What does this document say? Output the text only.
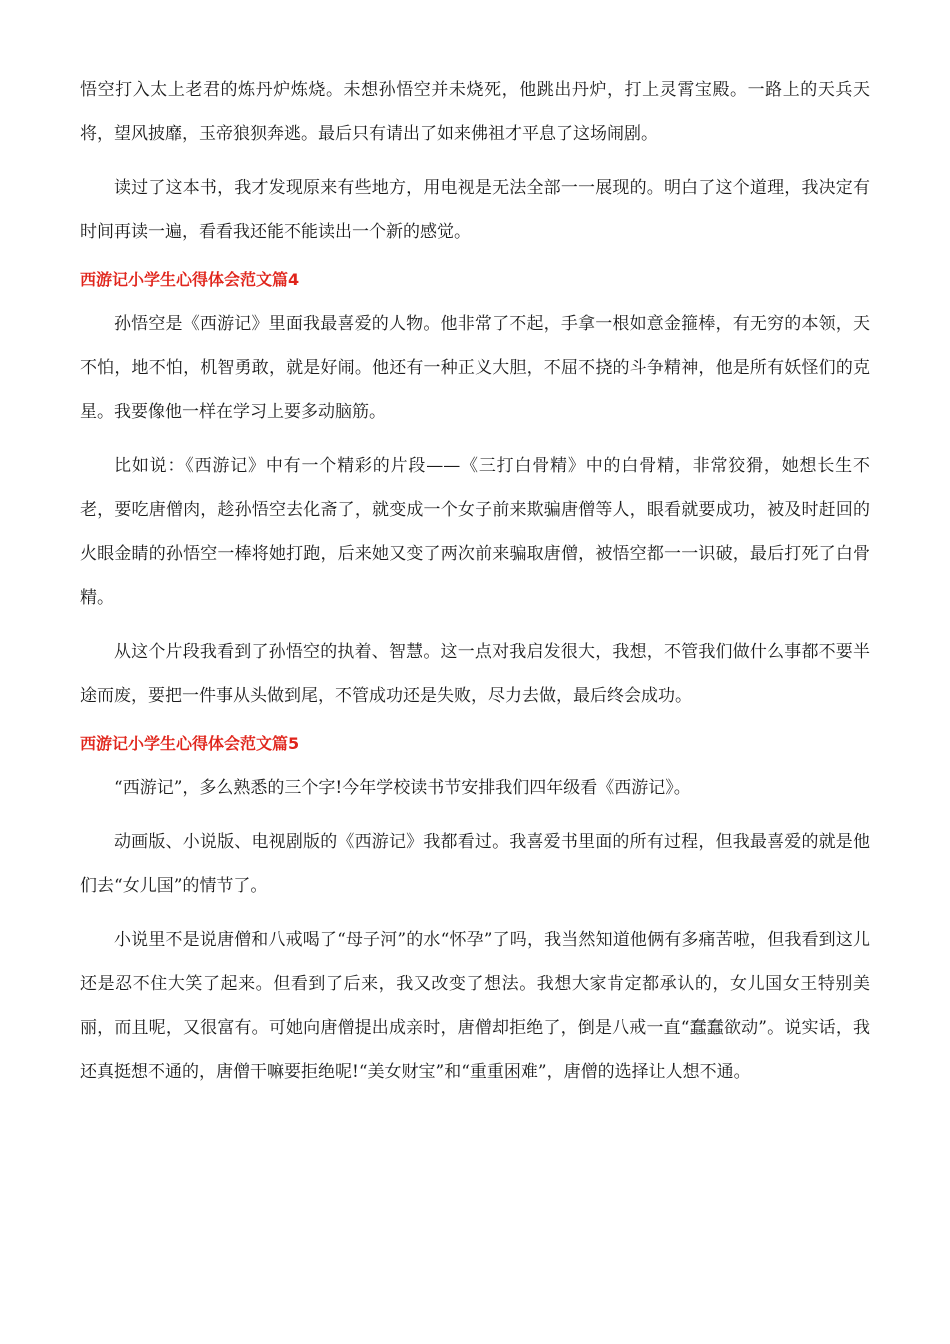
悟空打入太上老君的炼丹炉炼烧。未想孙悟空并未烧死，他跳出丹炉，打上灵霄宝殿。一路上的天兵天将，望风披靡，玉帝狼狈奔逃。最后只有请出了如来佛祖才平息了这场闹剧。

读过了这本书，我才发现原来有些地方，用电视是无法全部一一展现的。明白了这个道理，我决定有时间再读一遍，看看我还能不能读出一个新的感觉。

西游记小学生心得体会范文篇4

孙悟空是《西游记》里面我最喜爱的人物。他非常了不起，手拿一根如意金箍棒，有无穷的本领，天不怕，地不怕，机智勇敢，就是好闹。他还有一种正义大胆，不屈不挠的斗争精神，他是所有妖怪们的克星。我要像他一样在学习上要多动脑筋。

比如说：《西游记》中有一个精彩的片段——《三打白骨精》中的白骨精，非常狡猾，她想长生不老，要吃唐僧肉，趁孙悟空去化斋了，就变成一个女子前来欺骗唐僧等人，眼看就要成功，被及时赶回的火眼金睛的孙悟空一棒将她打跑，后来她又变了两次前来骗取唐僧，被悟空都一一识破，最后打死了白骨精。

从这个片段我看到了孙悟空的执着、智慧。这一点对我启发很大，我想，不管我们做什么事都不要半途而废，要把一件事从头做到尾，不管成功还是失败，尽力去做，最后终会成功。

西游记小学生心得体会范文篇5

“西游记”，多么熟悉的三个字!今年学校读书节安排我们四年级看《西游记》。

动画版、小说版、电视剧版的《西游记》我都看过。我喜爱书里面的所有过程，但我最喜爱的就是他们去“女儿国”的情节了。

小说里不是说唐僧和八戒喝了“母子河”的水“怀孕”了吗，我当然知道他俩有多痛苦啦，但我看到这儿还是忍不住大笑了起来。但看到了后来，我又改变了想法。我想大家肯定都承认的，女儿国女王特别美丽，而且呢，又很富有。可她向唐僧提出成亲时，唐僧却拒绝了，倒是八戒一直“蠢蠢欲动”。说实话，我还真挺想不通的，唐僧干嘛要拒绝呢!“美女财宝”和“重重困难”，唐僧的选择让人想不通。
